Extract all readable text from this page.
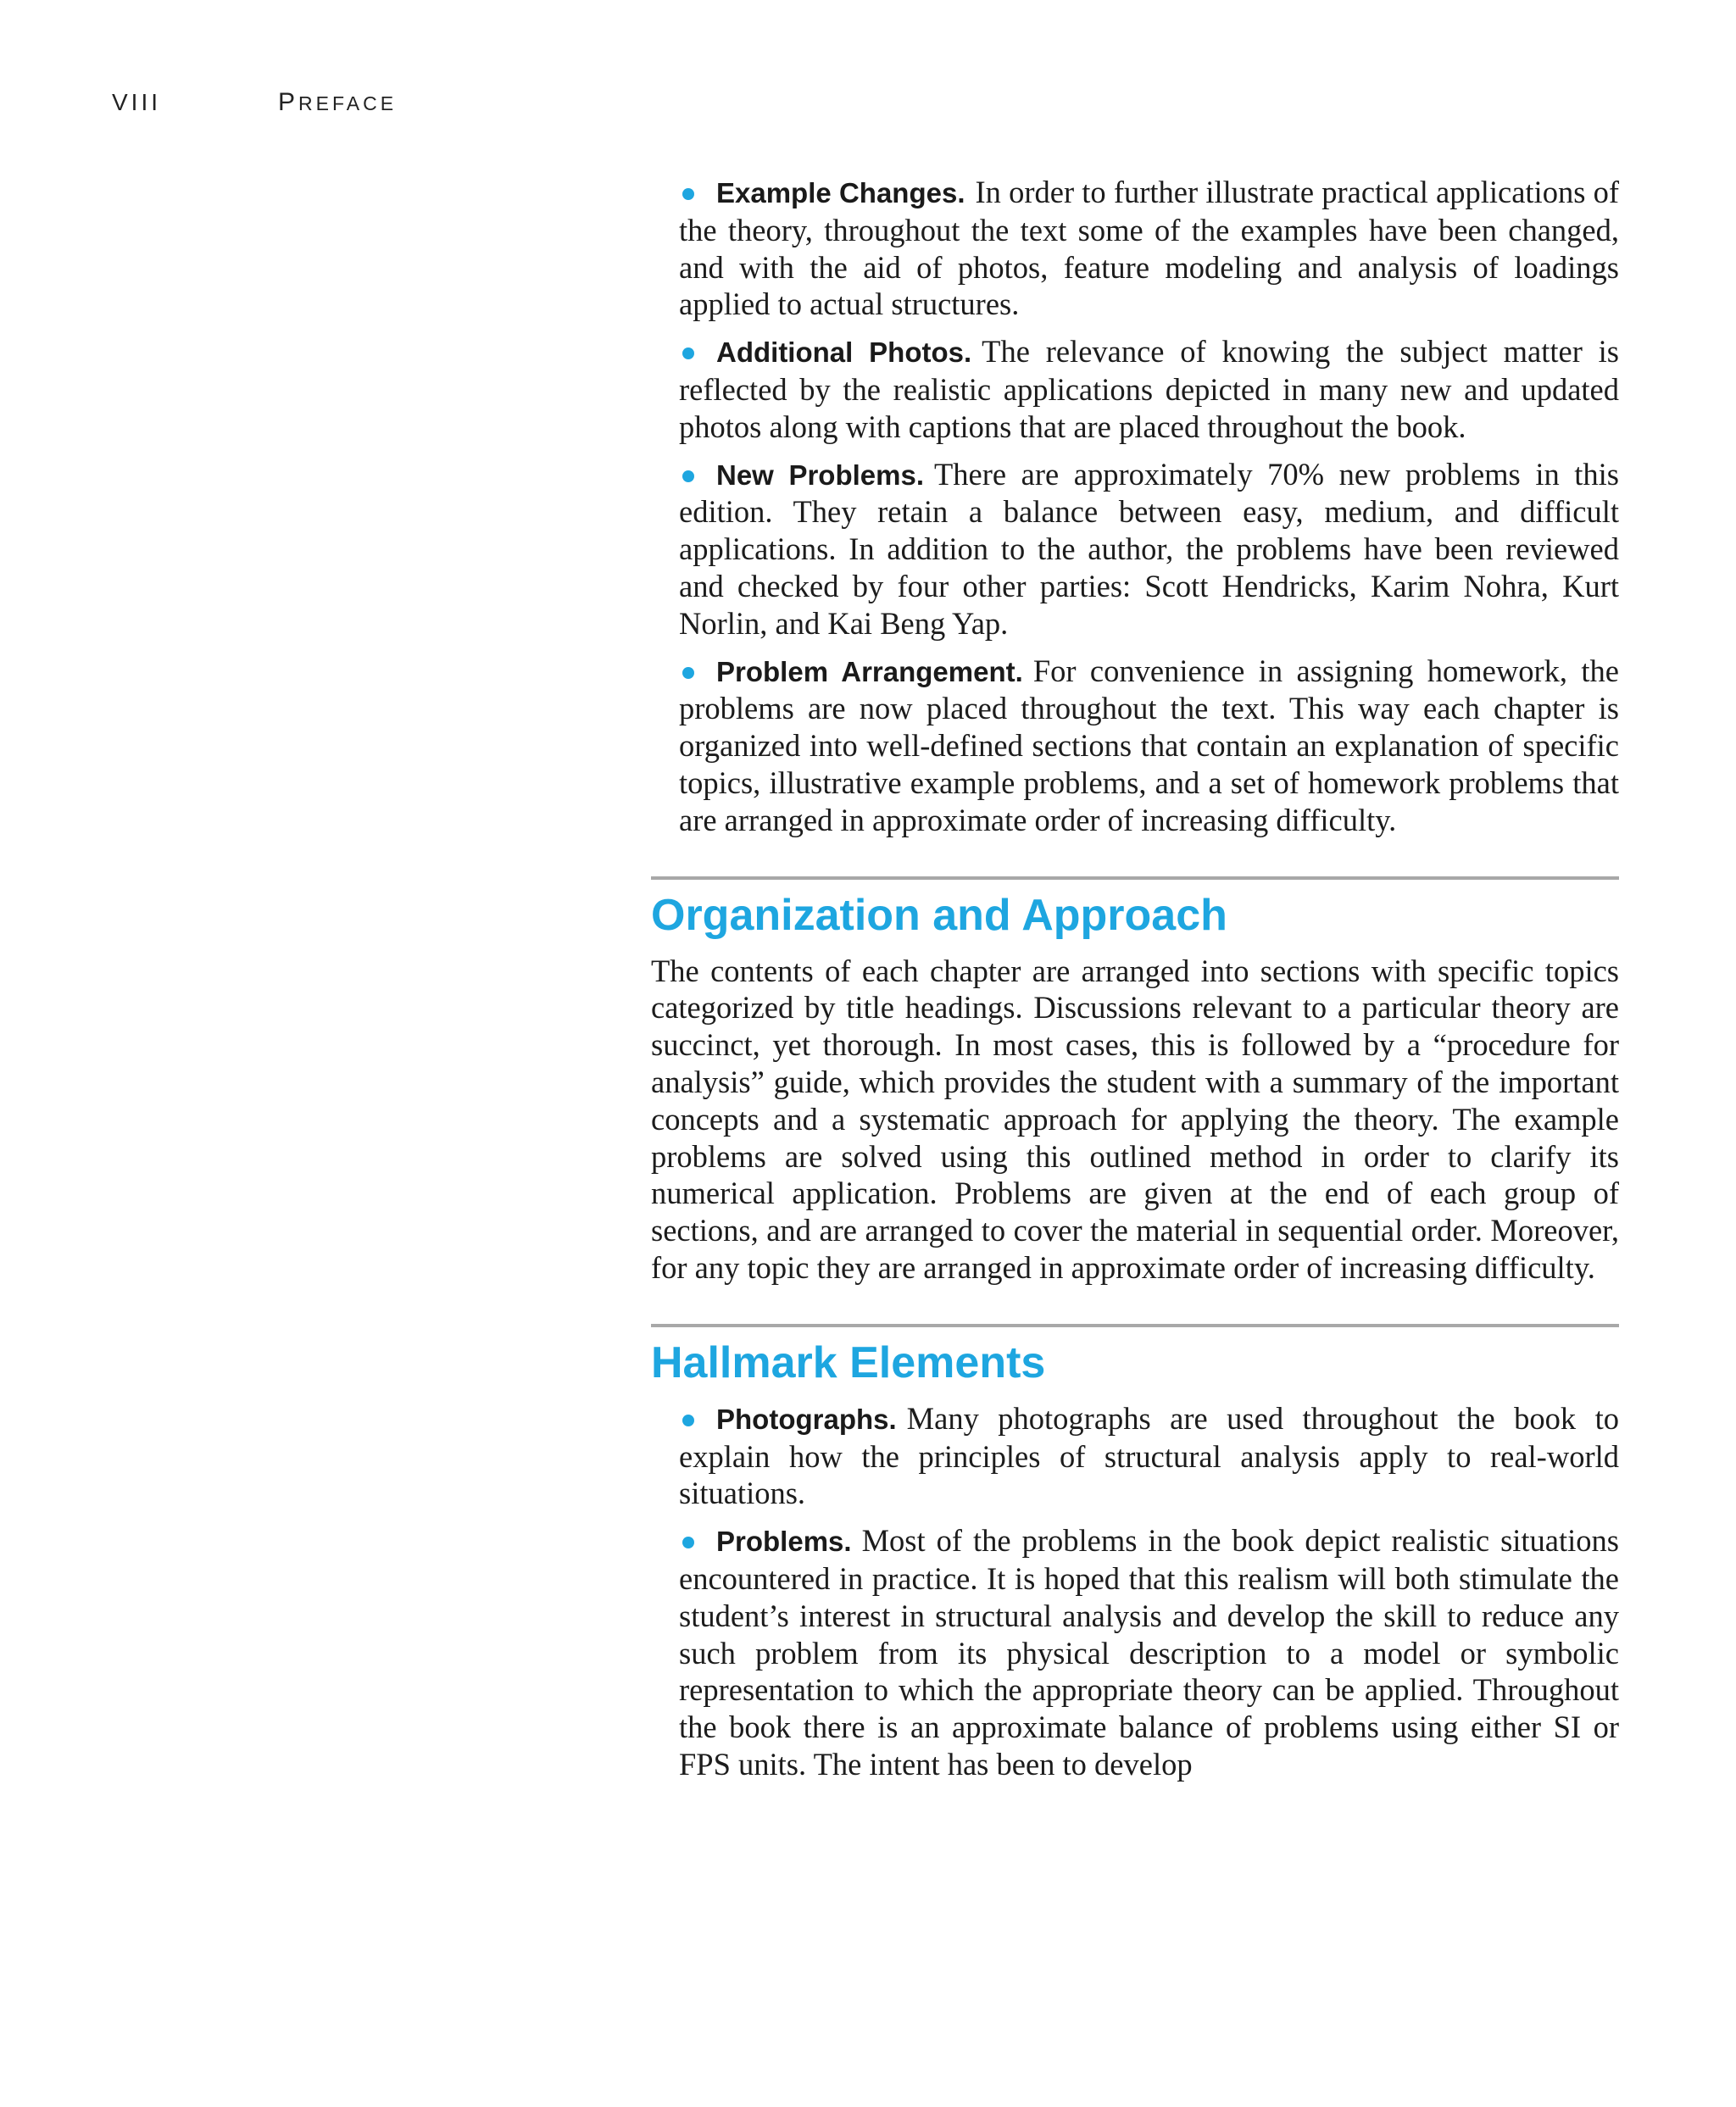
VIII	PREFACE
Example Changes. In order to further illustrate practical applications of the theory, throughout the text some of the examples have been changed, and with the aid of photos, feature modeling and analysis of loadings applied to actual structures.
Additional Photos. The relevance of knowing the subject matter is reflected by the realistic applications depicted in many new and updated photos along with captions that are placed throughout the book.
New Problems. There are approximately 70% new problems in this edition. They retain a balance between easy, medium, and difficult applications. In addition to the author, the problems have been reviewed and checked by four other parties: Scott Hendricks, Karim Nohra, Kurt Norlin, and Kai Beng Yap.
Problem Arrangement. For convenience in assigning homework, the problems are now placed throughout the text. This way each chapter is organized into well-defined sections that contain an explanation of specific topics, illustrative example problems, and a set of homework problems that are arranged in approximate order of increasing difficulty.
Organization and Approach

The contents of each chapter are arranged into sections with specific topics categorized by title headings. Discussions relevant to a particular theory are succinct, yet thorough. In most cases, this is followed by a “procedure for analysis” guide, which provides the student with a summary of the important concepts and a systematic approach for applying the theory. The example problems are solved using this outlined method in order to clarify its numerical application. Problems are given at the end of each group of sections, and are arranged to cover the material in sequential order. Moreover, for any topic they are arranged in approximate order of increasing difficulty.

Hallmark Elements
Photographs. Many photographs are used throughout the book to explain how the principles of structural analysis apply to real-world situations.
Problems. Most of the problems in the book depict realistic situations encountered in practice. It is hoped that this realism will both stimulate the student’s interest in structural analysis and develop the skill to reduce any such problem from its physical description to a model or symbolic representation to which the appropriate theory can be applied. Throughout the book there is an approximate balance of problems using either SI or FPS units. The intent has been to develop
